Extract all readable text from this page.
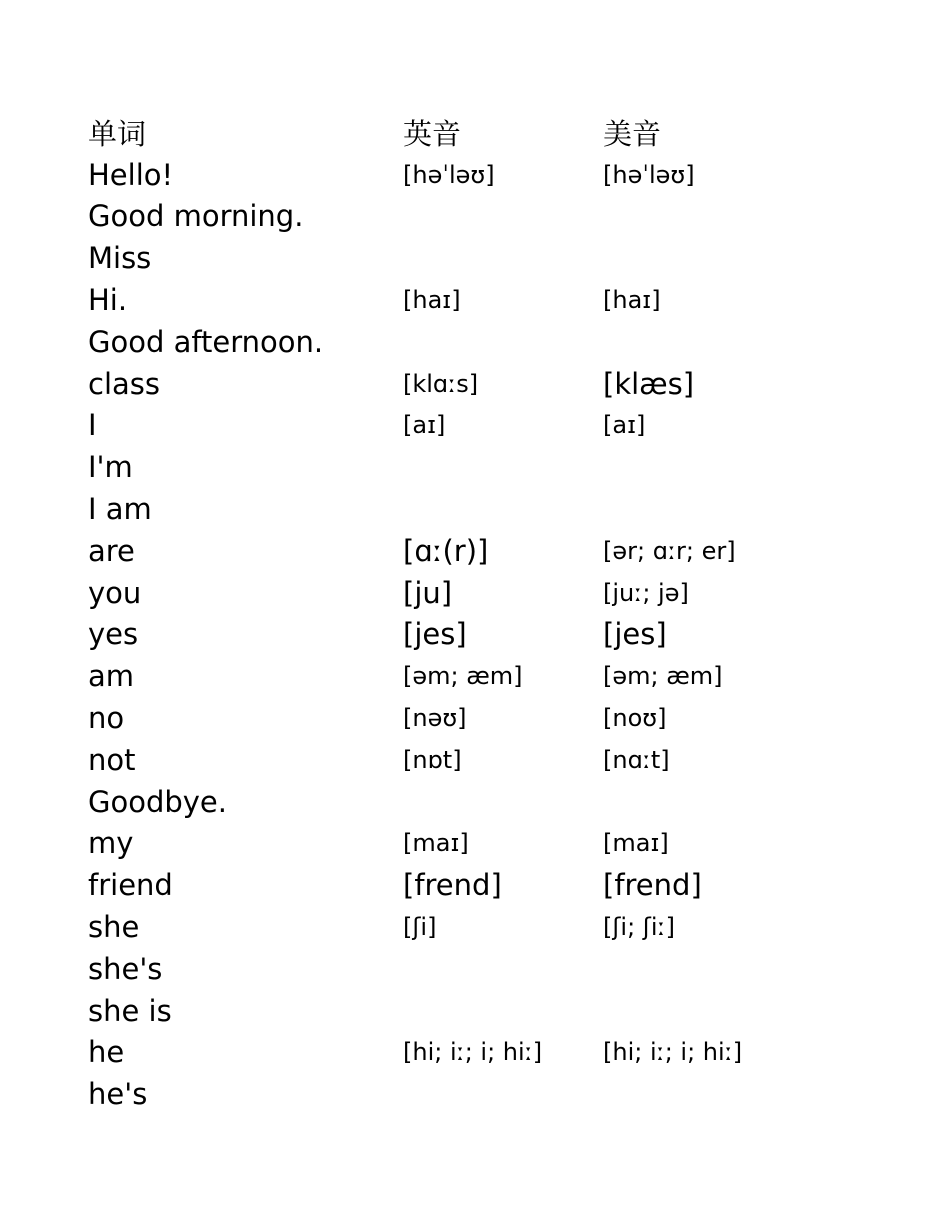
单词	英音	美音
Hello!	[həˈləʊ]	[həˈləʊ]
Good morning.
Miss
Hi.	[haɪ]	[haɪ]
Good afternoon.
class	[klɑːs]	[klæs]
I	[aɪ]	[aɪ]
I'm
I am
are	[ɑː(r)]	[ər; ɑːr; er]
you	[ju]	[juː; jə]
yes	[jes]	[jes]
am	[əm; æm]	[əm; æm]
no	[nəʊ]	[noʊ]
not	[nɒt]	[nɑːt]
Goodbye.
my	[maɪ]	[maɪ]
friend	[frend]	[frend]
she	[ʃi]	[ʃi; ʃiː]
she's
she is
he	[hi; iː; i; hiː]	[hi; iː; i; hiː]
he's
